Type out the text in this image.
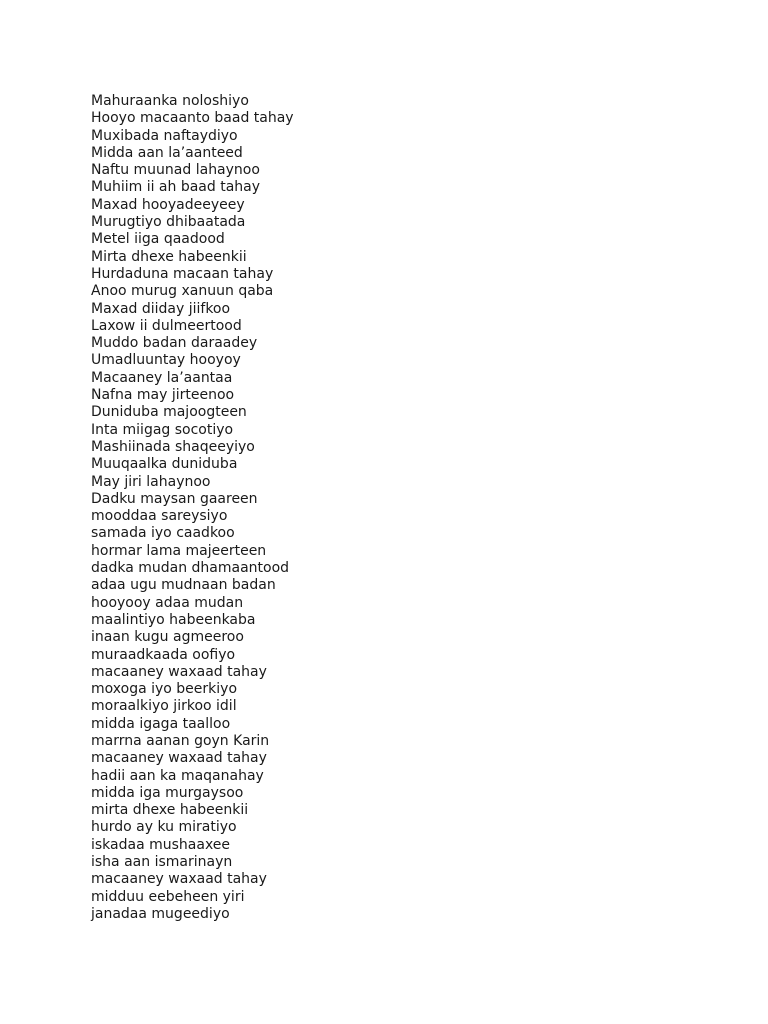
Mahuraanka noloshiyo
Hooyo macaanto baad tahay
Muxibada naftaydiyo
Midda aan la’aanteed
Naftu muunad lahaynoo
Muhiim ii ah baad tahay
Maxad hooyadeeyeey
Murugtiyo dhibaatada
Metel iiga qaadood
Mirta dhexe habeenkii
Hurdaduna macaan tahay
Anoo murug xanuun qaba
Maxad diiday jiifkoo
Laxow ii dulmeertood
Muddo badan daraadey
Umadluuntay hooyoy
Macaaney la’aantaa
Nafna may jirteenoo
Duniduba majoogteen
Inta miigag socotiyo
Mashiinada shaqeeyiyo
Muuqaalka duniduba
May jiri lahaynoo
Dadku maysan gaareen
mooddaa sareysiyo
samada iyo caadkoo
hormar lama majeerteen
dadka mudan dhamaantood
adaa ugu mudnaan badan
hooyooy adaa mudan
maalintiyo habeenkaba
inaan kugu agmeeroo
muraadkaada oofiyo
macaaney waxaad tahay
moxoga iyo beerkiyo
moraalkiyo jirkoo idil
midda igaga taalloo
marrna aanan goyn Karin
macaaney waxaad tahay
hadii aan ka maqanahay
midda iga murgaysoo
mirta dhexe habeenkii
hurdo ay ku miratiyo
iskadaa mushaaxee
isha aan ismarinayn
macaaney waxaad tahay
midduu eebeheen yiri
janadaa mugeediyo
